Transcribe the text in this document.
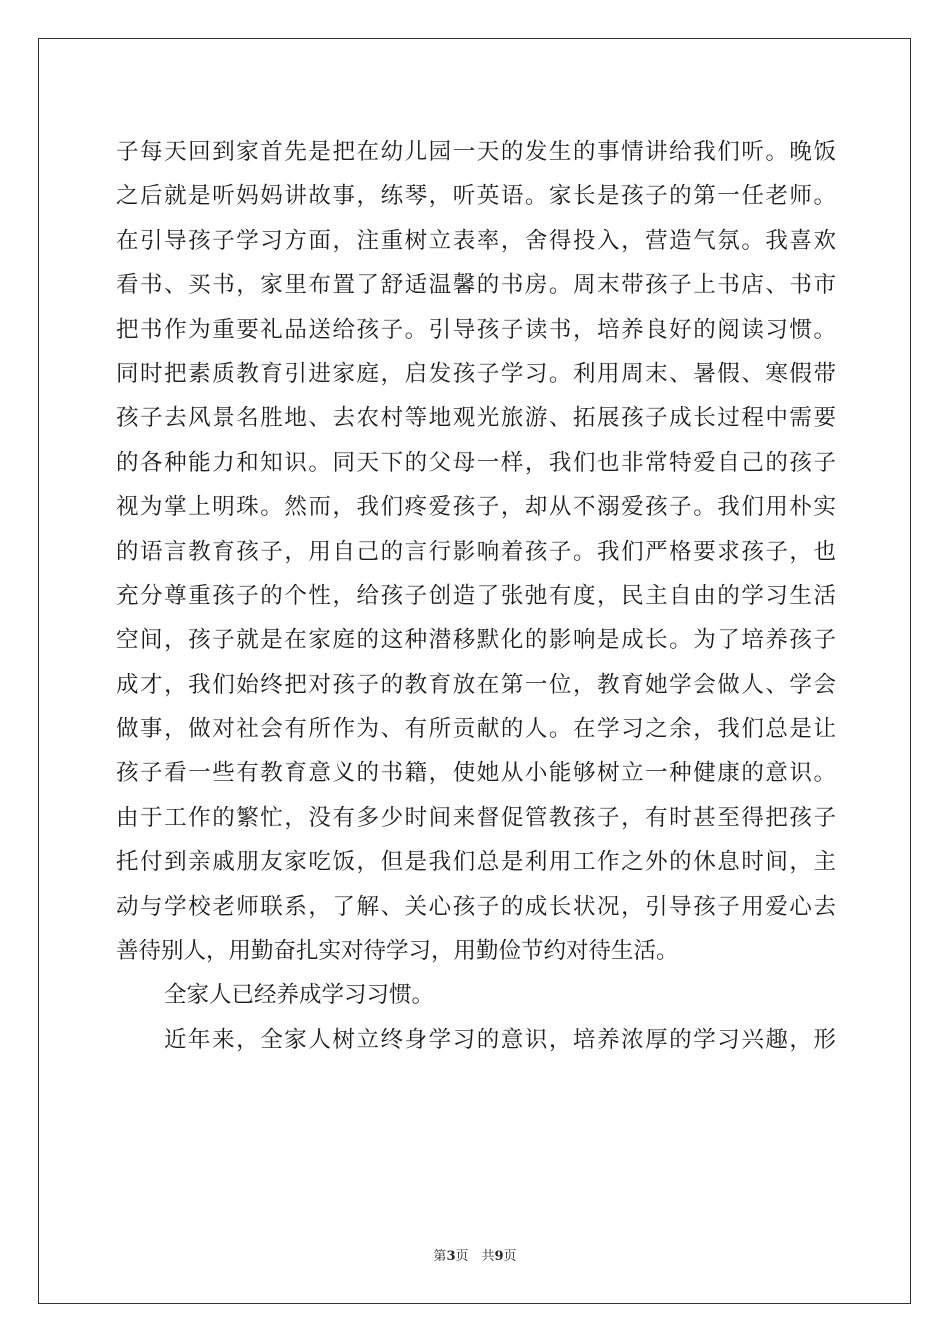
子每天回到家首先是把在幼儿园一天的发生的事情讲给我们听。晚饭
之后就是听妈妈讲故事，练琴，听英语。家长是孩子的第一任老师。
在引导孩子学习方面，注重树立表率，舍得投入，营造气氛。我喜欢
看书、买书，家里布置了舒适温馨的书房。周末带孩子上书店、书市
把书作为重要礼品送给孩子。引导孩子读书，培养良好的阅读习惯。
同时把素质教育引进家庭，启发孩子学习。利用周末、暑假、寒假带
孩子去风景名胜地、去农村等地观光旅游、拓展孩子成长过程中需要
的各种能力和知识。同天下的父母一样，我们也非常特爱自己的孩子
视为掌上明珠。然而，我们疼爱孩子，却从不溺爱孩子。我们用朴实
的语言教育孩子，用自己的言行影响着孩子。我们严格要求孩子，也
充分尊重孩子的个性，给孩子创造了张弛有度，民主自由的学习生活
空间，孩子就是在家庭的这种潜移默化的影响是成长。为了培养孩子
成才，我们始终把对孩子的教育放在第一位，教育她学会做人、学会
做事，做对社会有所作为、有所贡献的人。在学习之余，我们总是让
孩子看一些有教育意义的书籍，使她从小能够树立一种健康的意识。
由于工作的繁忙，没有多少时间来督促管教孩子，有时甚至得把孩子
托付到亲戚朋友家吃饭，但是我们总是利用工作之外的休息时间，主
动与学校老师联系，了解、关心孩子的成长状况，引导孩子用爱心去
善待别人，用勤奋扎实对待学习，用勤俭节约对待生活。
全家人已经养成学习习惯。
近年来，全家人树立终身学习的意识，培养浓厚的学习兴趣，形
第3页　共9页
